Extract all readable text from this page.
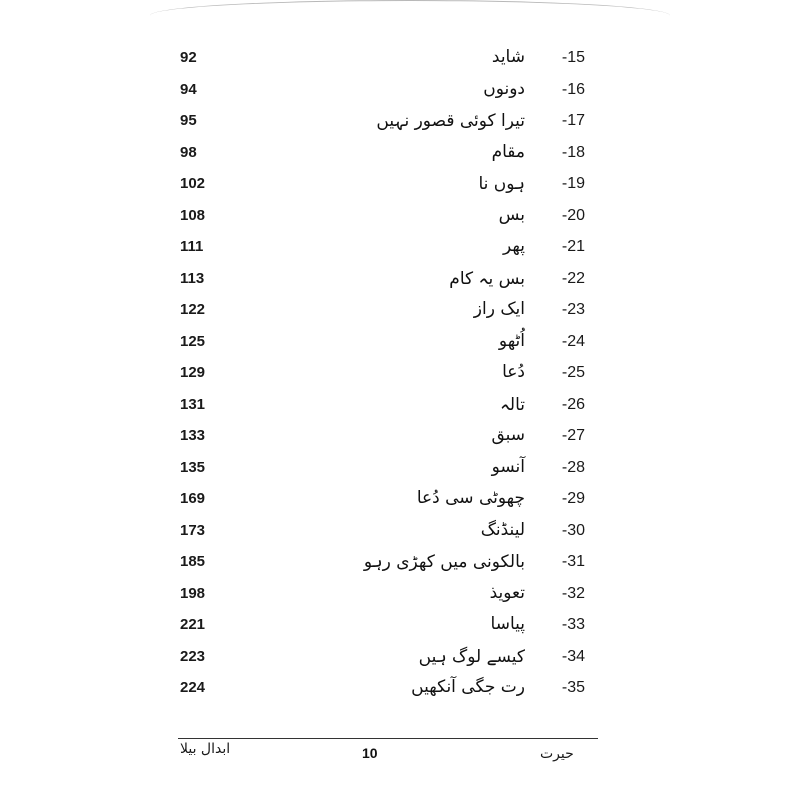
92	شاید -15
94	دونوں -16
95	تیرا کوئی قصور نہیں -17
98	مقام -18
102	ہوں نا -19
108	بس -20
111	پھر -21
113	بس یہ کام -22
122	ایک راز -23
125	اُٹھو -24
129	دُعا -25
131	تالہ -26
133	سبق -27
135	آنسو -28
169	چھوٹی سی دُعا -29
173	لینڈنگ -30
185	بالکونی میں کھڑی رہو -31
198	تعویذ -32
221	پیاسا -33
223	کیسے لوگ ہیں -34
224	رت جگی آنکھیں -35
ابدال بیلا	10	حیرت
